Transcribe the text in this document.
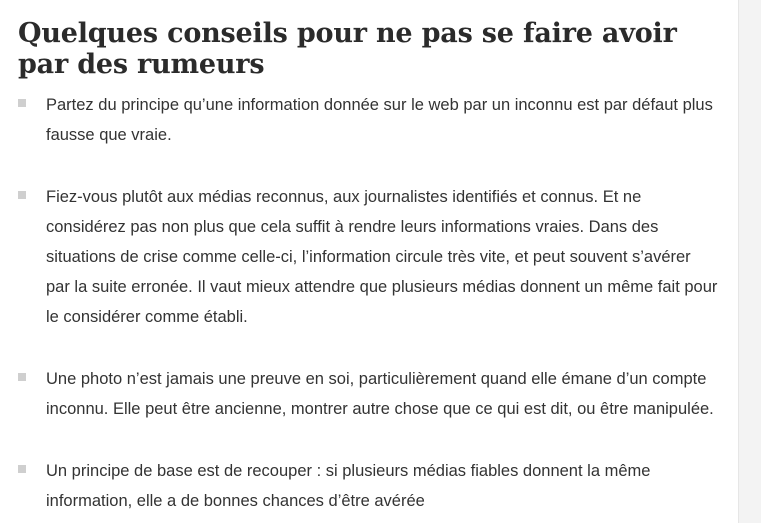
Quelques conseils pour ne pas se faire avoir par des rumeurs
Partez du principe qu’une information donnée sur le web par un inconnu est par défaut plus fausse que vraie.
Fiez-vous plutôt aux médias reconnus, aux journalistes identifiés et connus. Et ne considérez pas non plus que cela suffit à rendre leurs informations vraies. Dans des situations de crise comme celle-ci, l’information circule très vite, et peut souvent s’avérer par la suite erronée. Il vaut mieux attendre que plusieurs médias donnent un même fait pour le considérer comme établi.
Une photo n’est jamais une preuve en soi, particulièrement quand elle émane d’un compte inconnu. Elle peut être ancienne, montrer autre chose que ce qui est dit, ou être manipulée.
Un principe de base est de recouper : si plusieurs médias fiables donnent la même information, elle a de bonnes chances d’être avérée
